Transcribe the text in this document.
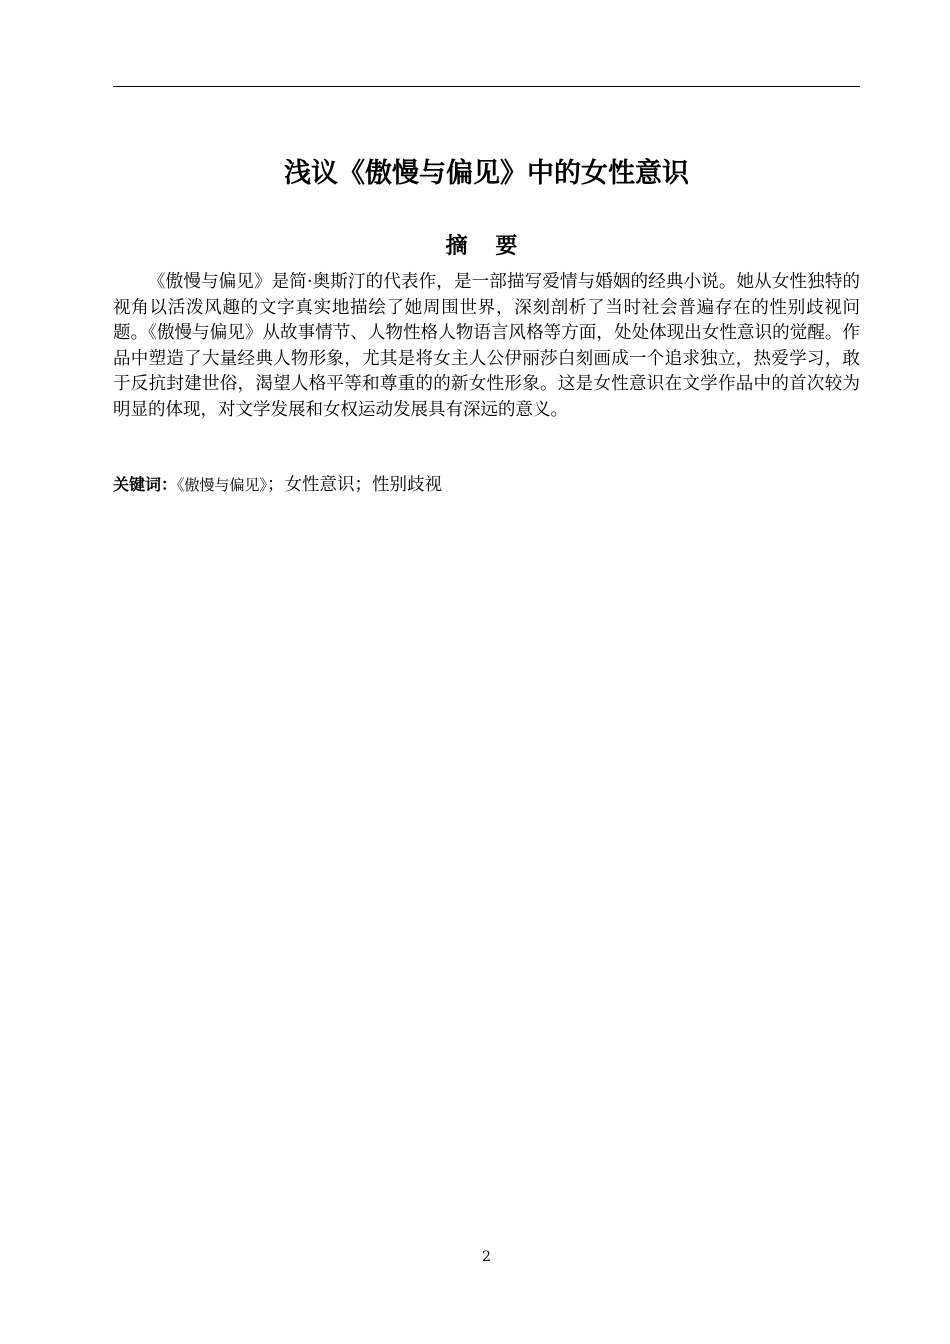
浅议《傲慢与偏见》中的女性意识
摘 要

《傲慢与偏见》是简·奥斯汀的代表作，是一部描写爱情与婚姻的经典小说。她从女性独特的视角以活泼风趣的文字真实地描绘了她周围世界，深刻剖析了当时社会普遍存在的性别歧视问题。《傲慢与偏见》从故事情节、人物性格人物语言风格等方面，处处体现出女性意识的觉醒。作品中塑造了大量经典人物形象，尤其是将女主人公伊丽莎白刻画成一个追求独立，热爱学习，敢于反抗封建世俗，渴望人格平等和尊重的的新女性形象。这是女性意识在文学作品中的首次较为明显的体现，对文学发展和女权运动发展具有深远的意义。

关键词：《傲慢与偏见》；女性意识；性别歧视

2
